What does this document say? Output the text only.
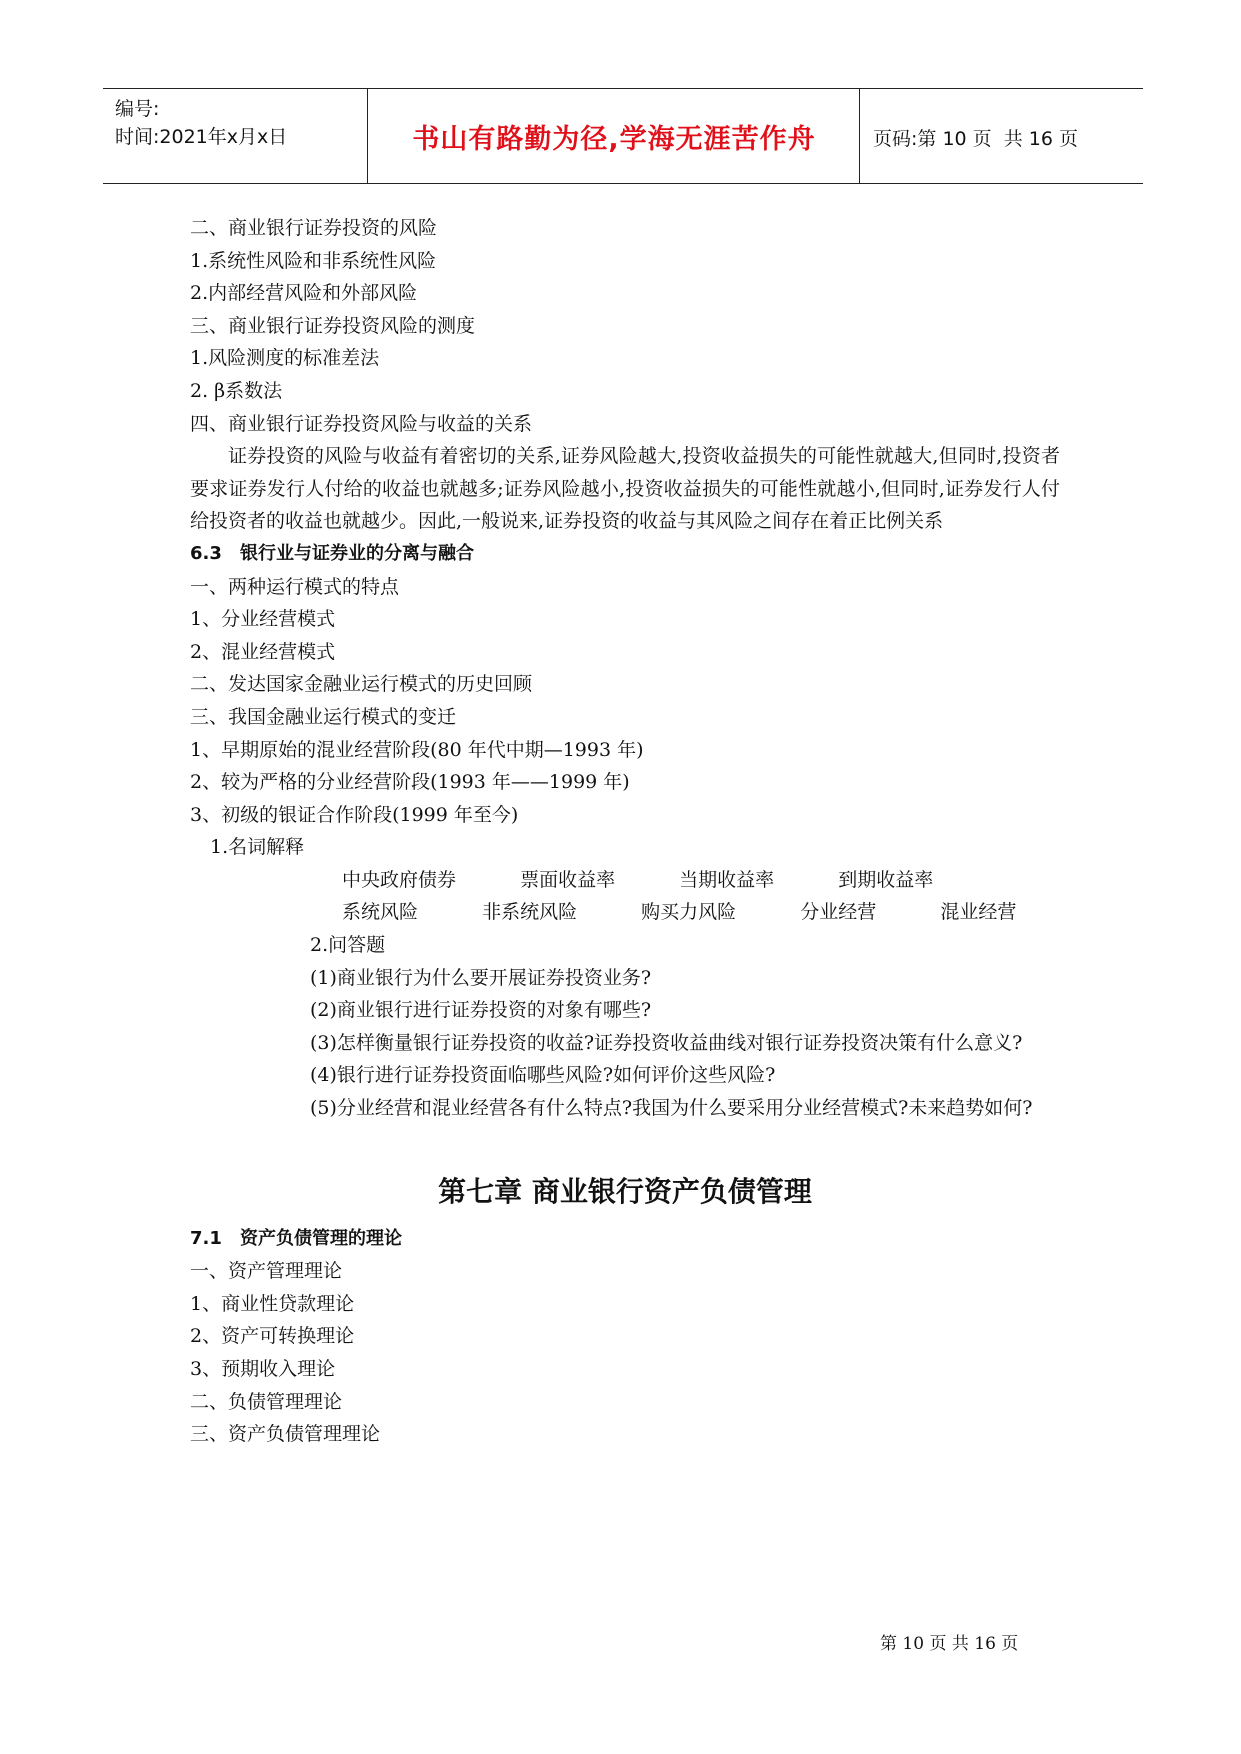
编号:
时间:2021年x月x日	书山有路勤为径,学海无涯苦作舟	页码:第 10 页  共 16 页
二、商业银行证券投资的风险
1.系统性风险和非系统性风险
2.内部经营风险和外部风险
三、商业银行证券投资风险的测度
1.风险测度的标准差法
2. β系数法
四、商业银行证券投资风险与收益的关系
证券投资的风险与收益有着密切的关系,证券风险越大,投资收益损失的可能性就越大,但同时,投资者要求证券发行人付给的收益也就越多;证券风险越小,投资收益损失的可能性就越小,但同时,证券发行人付给投资者的收益也就越少。因此,一般说来,证券投资的收益与其风险之间存在着正比例关系
6.3 银行业与证券业的分离与融合
一、两种运行模式的特点
1、分业经营模式
2、混业经营模式
二、发达国家金融业运行模式的历史回顾
三、我国金融业运行模式的变迁
1、早期原始的混业经营阶段(80 年代中期—1993 年)
2、较为严格的分业经营阶段(1993 年——1999 年)
3、初级的银证合作阶段(1999 年至今)
1.名词解释
中央政府债券  票面收益率  当期收益率  到期收益率
系统风险  非系统风险  购买力风险  分业经营  混业经营
2.问答题
(1)商业银行为什么要开展证券投资业务?
(2)商业银行进行证券投资的对象有哪些?
(3)怎样衡量银行证券投资的收益?证券投资收益曲线对银行证券投资决策有什么意义?
(4)银行进行证券投资面临哪些风险?如何评价这些风险?
(5)分业经营和混业经营各有什么特点?我国为什么要采用分业经营模式?未来趋势如何?
第七章 商业银行资产负债管理
7.1 资产负债管理的理论
一、资产管理理论
1、商业性贷款理论
2、资产可转换理论
3、预期收入理论
二、负债管理理论
三、资产负债管理理论
第 10 页 共 16 页
